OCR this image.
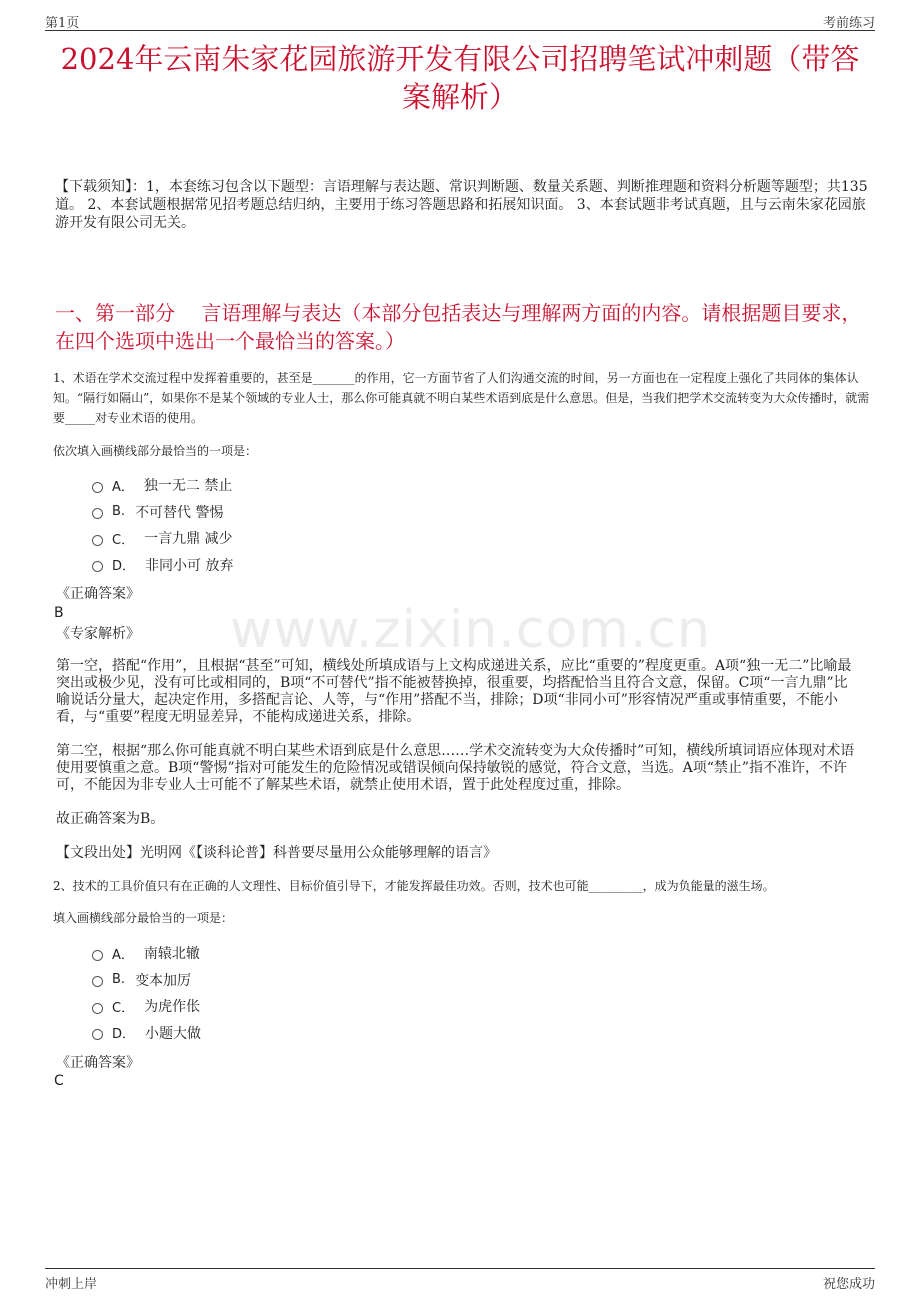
第1页	考前练习
2024年云南朱家花园旅游开发有限公司招聘笔试冲刺题（带答案解析）

【下载须知】：1，本套练习包含以下题型：言语理解与表达题、常识判断题、数量关系题、判断推理题和资料分析题等题型；共135道。 2、本套试题根据常见招考题总结归纳，主要用于练习答题思路和拓展知识面。 3、本套试题非考试真题，且与云南朱家花园旅游开发有限公司无关。

一、第一部分　 言语理解与表达（本部分包括表达与理解两方面的内容。请根据题目要求，在四个选项中选出一个最恰当的答案。）
www.zixin.com.cn

1、术语在学术交流过程中发挥着重要的，甚至是_______的作用，它一方面节省了人们沟通交流的时间，另一方面也在一定程度上强化了共同体的集体认知。“隔行如隔山”，如果你不是某个领域的专业人士，那么你可能真就不明白某些术语到底是什么意思。但是，当我们把学术交流转变为大众传播时，就需要_____对专业术语的使用。

依次填入画横线部分最恰当的一项是：

A． 独一无二 禁止
B. 不可替代 警惕
C． 一言九鼎 减少
D． 非同小可 放弃

《正确答案》

B

《专家解析》

第一空，搭配“作用”，且根据“甚至”可知，横线处所填成语与上文构成递进关系，应比“重要的”程度更重。A项“独一无二”比喻最突出或极少见，没有可比或相同的，B项“不可替代”指不能被替换掉，很重要，均搭配恰当且符合文意，保留。C项“一言九鼎”比喻说话分量大，起决定作用，多搭配言论、人等，与“作用”搭配不当，排除；D项“非同小可”形容情况严重或事情重要，不能小看，与“重要”程度无明显差异，不能构成递进关系，排除。

第二空，根据“那么你可能真就不明白某些术语到底是什么意思……学术交流转变为大众传播时”可知，横线所填词语应体现对术语使用要慎重之意。B项“警惕”指对可能发生的危险情况或错误倾向保持敏锐的感觉，符合文意，当选。A项“禁止”指不准许，不许可，不能因为非专业人士可能不了解某些术语，就禁止使用术语，置于此处程度过重，排除。

故正确答案为B。

【文段出处】光明网《【谈科论普】科普要尽量用公众能够理解的语言》

2、技术的工具价值只有在正确的人文理性、目标价值引导下，才能发挥最佳功效。否则，技术也可能_________，成为负能量的滋生场。

填入画横线部分最恰当的一项是：

A． 南辕北辙
B. 变本加厉
C． 为虎作伥
D． 小题大做

《正确答案》

C

冲刺上岸	祝您成功
